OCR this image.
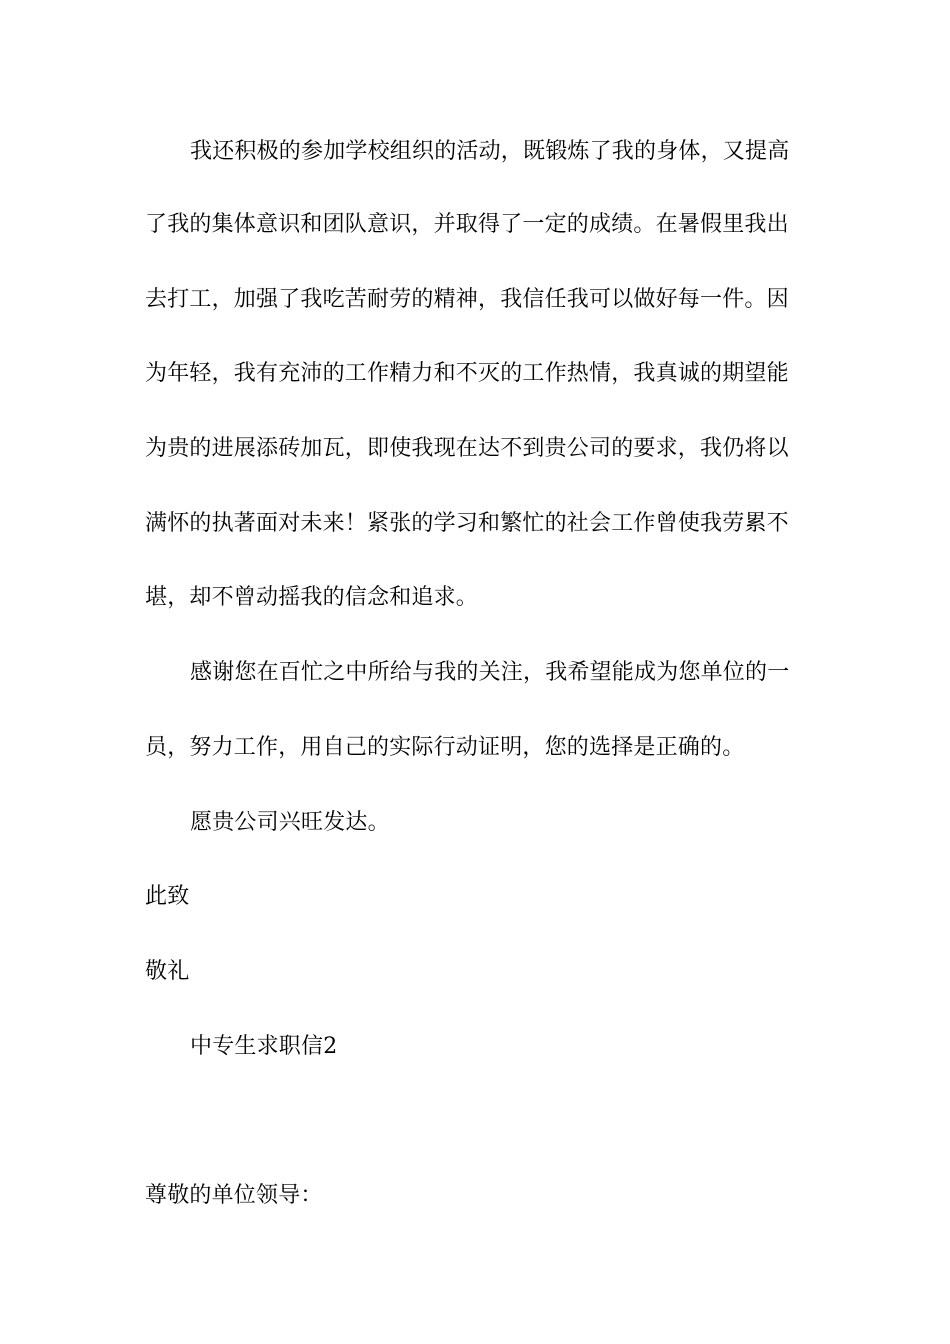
我还积极的参加学校组织的活动，既锻炼了我的身体，又提高
了我的集体意识和团队意识，并取得了一定的成绩。在暑假里我出
去打工，加强了我吃苦耐劳的精神，我信任我可以做好每一件。因
为年轻，我有充沛的工作精力和不灭的工作热情，我真诚的期望能
为贵的进展添砖加瓦，即使我现在达不到贵公司的要求，我仍将以
满怀的执著面对未来！紧张的学习和繁忙的社会工作曾使我劳累不
堪，却不曾动摇我的信念和追求。
感谢您在百忙之中所给与我的关注，我希望能成为您单位的一
员，努力工作，用自己的实际行动证明，您的选择是正确的。
愿贵公司兴旺发达。
此致
敬礼
中专生求职信2
尊敬的单位领导：
